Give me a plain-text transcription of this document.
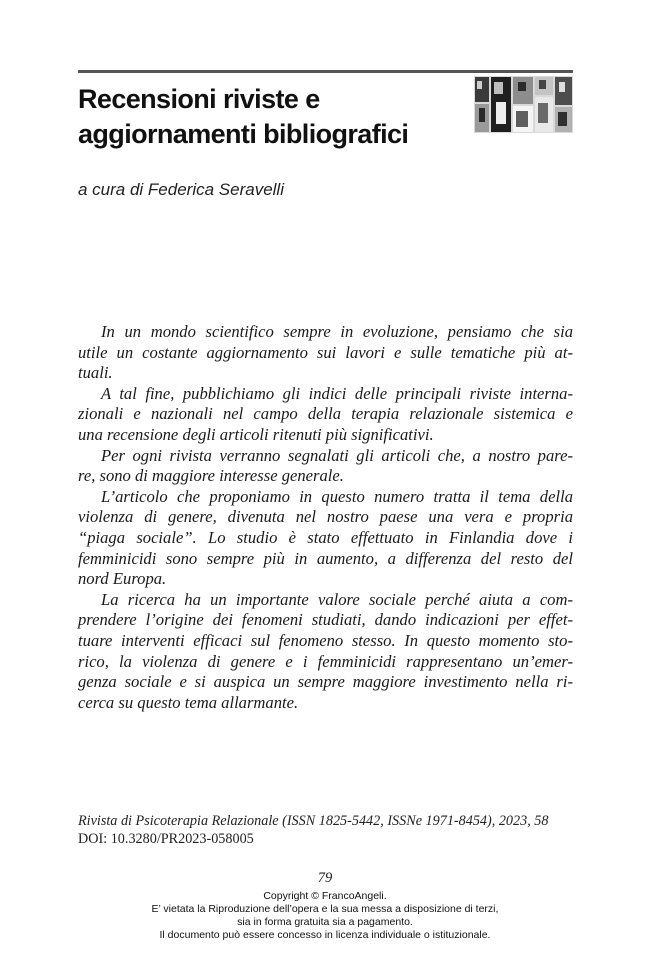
Recensioni riviste e
aggiornamenti bibliografici
a cura di Federica Seravelli
In un mondo scientifico sempre in evoluzione, pensiamo che sia
utile un costante aggiornamento sui lavori e sulle tematiche più at-
tuali.
A tal fine, pubblichiamo gli indici delle principali riviste interna-
zionali e nazionali nel campo della terapia relazionale sistemica e
una recensione degli articoli ritenuti più significativi.
Per ogni rivista verranno segnalati gli articoli che, a nostro pare-
re, sono di maggiore interesse generale.
L’articolo che proponiamo in questo numero tratta il tema della
violenza di genere, divenuta nel nostro paese una vera e propria
“piaga sociale”. Lo studio è stato effettuato in Finlandia dove i
femminicidi sono sempre più in aumento, a differenza del resto del
nord Europa.
La ricerca ha un importante valore sociale perché aiuta a com-
prendere l’origine dei fenomeni studiati, dando indicazioni per effet-
tuare interventi efficaci sul fenomeno stesso. In questo momento sto-
rico, la violenza di genere e i femminicidi rappresentano un’emer-
genza sociale e si auspica un sempre maggiore investimento nella ri-
cerca su questo tema allarmante.
Rivista di Psicoterapia Relazionale (ISSN 1825-5442, ISSNe 1971-8454), 2023, 58
DOI: 10.3280/PR2023-058005
79
Copyright © FrancoAngeli.
E’ vietata la Riproduzione dell’opera e la sua messa a disposizione di terzi,
sia in forma gratuita sia a pagamento.
Il documento può essere concesso in licenza individuale o istituzionale.
